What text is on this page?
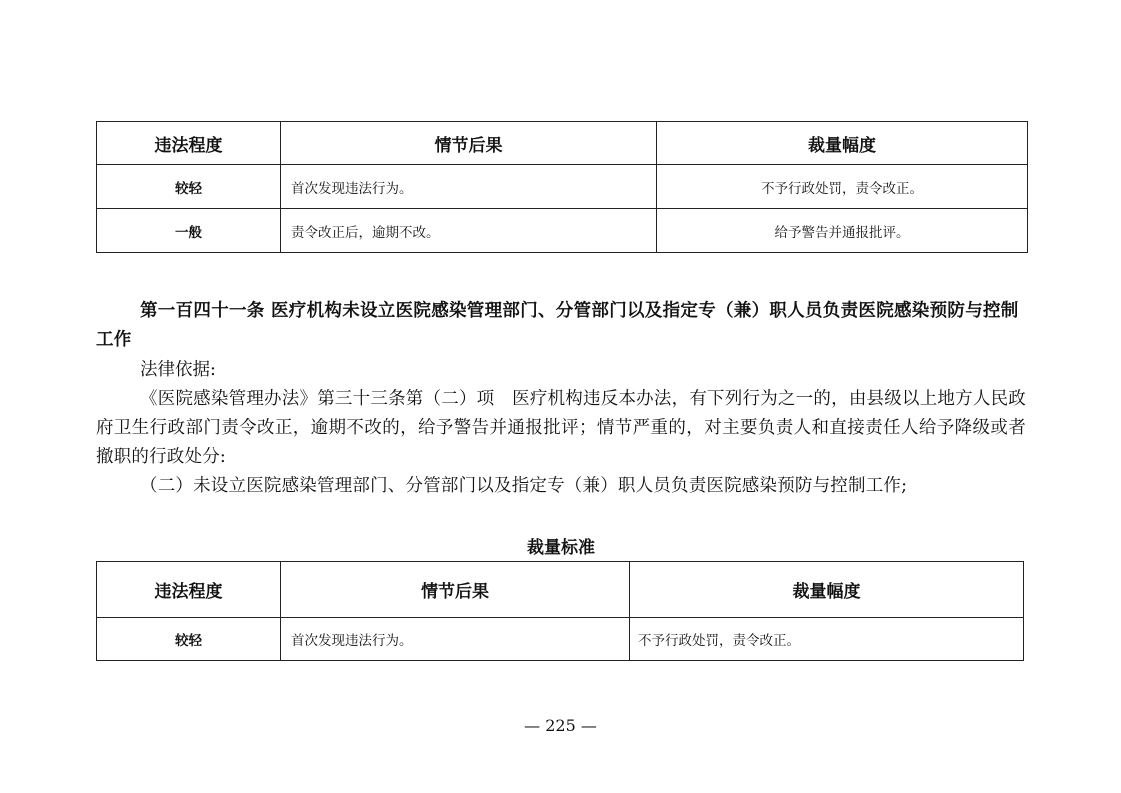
违法程度	情节后果	裁量幅度
较轻	首次发现违法行为。	不予行政处罚，责令改正。
一般	责令改正后，逾期不改。	给予警告并通报批评。

第一百四十一条 医疗机构未设立医院感染管理部门、分管部门以及指定专（兼）职人员负责医院感染预防与控制工作

法律依据:

《医院感染管理办法》第三十三条第（二）项　医疗机构违反本办法，有下列行为之一的，由县级以上地方人民政府卫生行政部门责令改正，逾期不改的，给予警告并通报批评；情节严重的，对主要负责人和直接责任人给予降级或者撤职的行政处分:

（二）未设立医院感染管理部门、分管部门以及指定专（兼）职人员负责医院感染预防与控制工作;

裁量标准
违法程度	情节后果	裁量幅度
较轻	首次发现违法行为。	不予行政处罚，责令改正。
— 225 —
